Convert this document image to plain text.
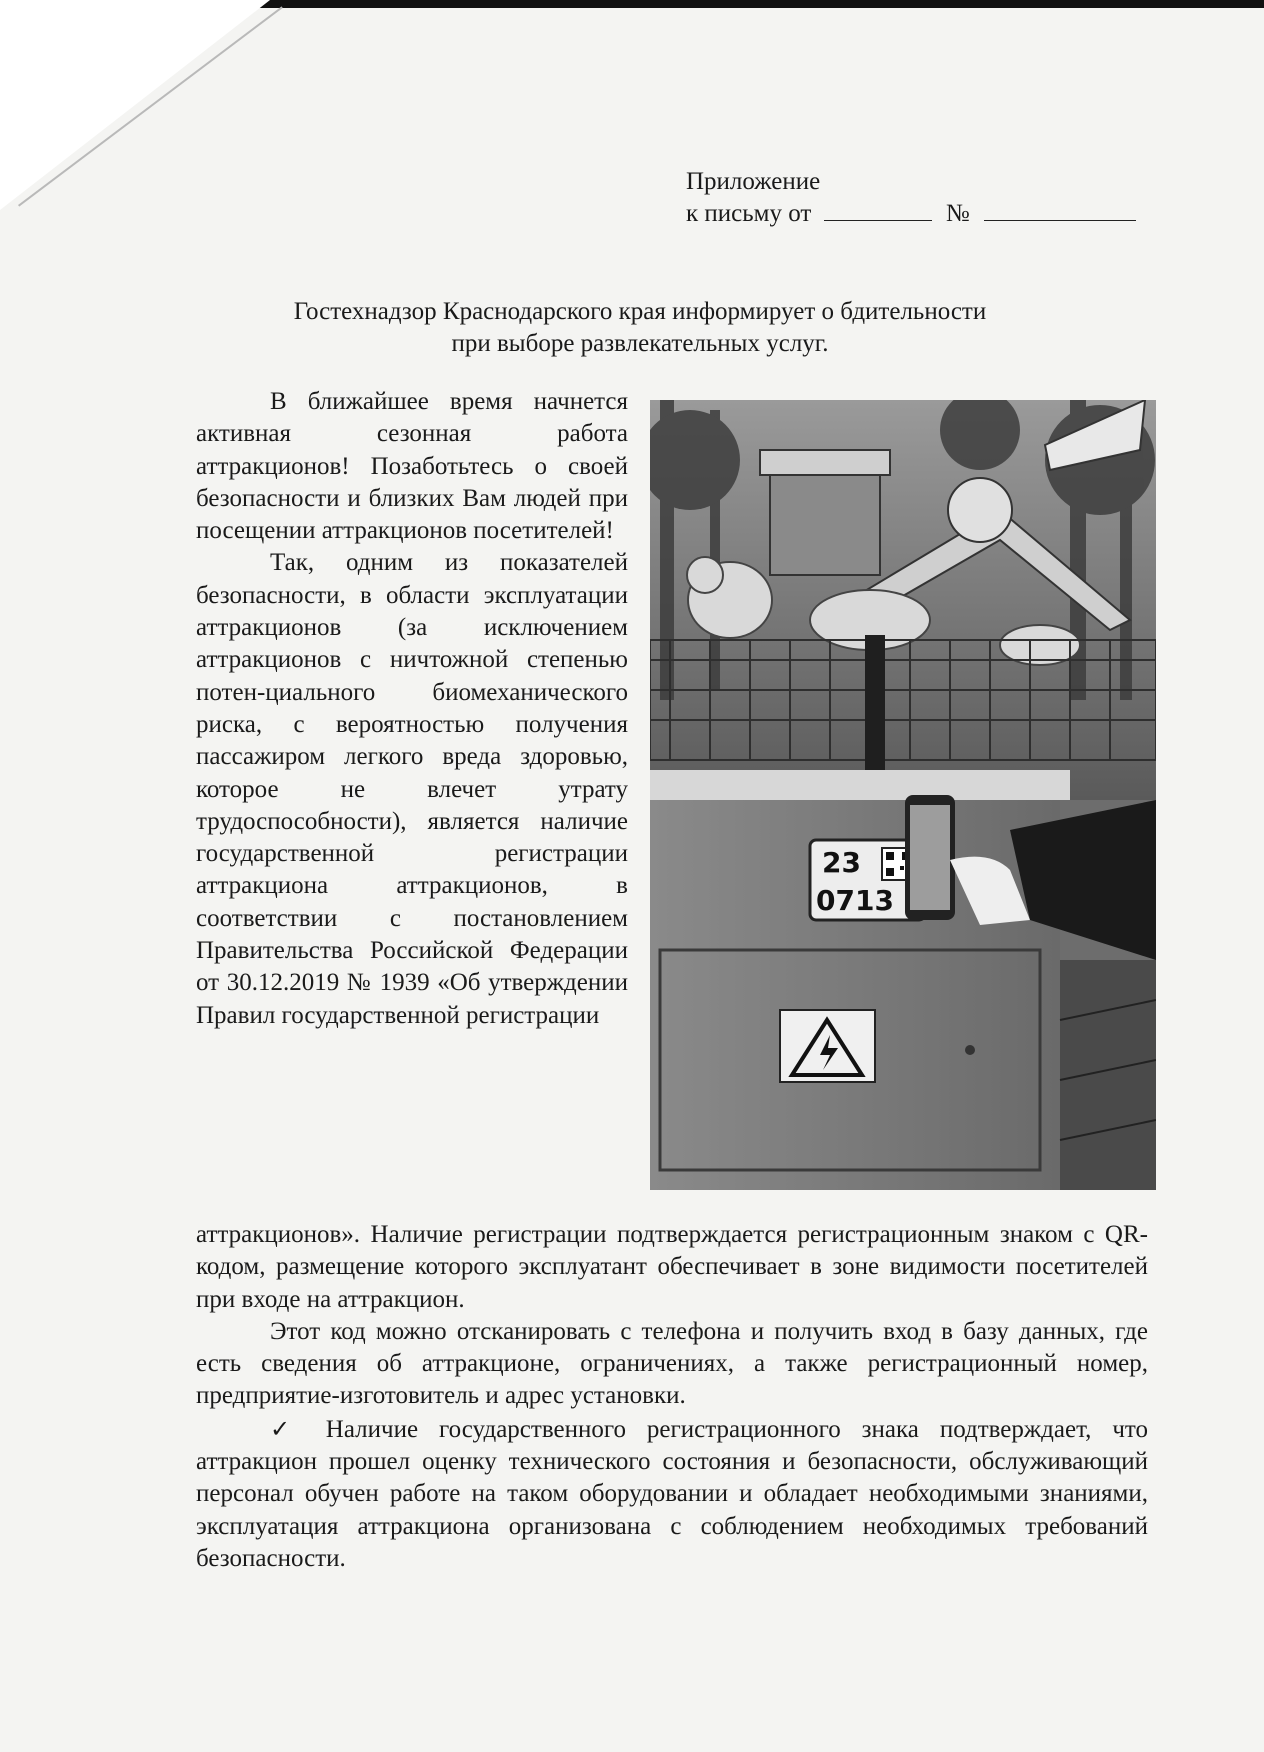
Приложение
к письму от	№
Гостехнадзор Краснодарского края информирует о бдительности
при выборе развлекательных услуг.

В ближайшее время начнется активная сезонная работа аттракционов! Позаботьтесь о своей безопасности и близких Вам людей при посещении аттракционов посетителей!

Так, одним из показателей безопасности, в области эксплуатации аттракционов (за исключением аттракционов с ничтожной степенью потен-циального биомеханического риска, с вероятностью получения пассажиром легкого вреда здоровью, которое не влечет утрату трудоспособности), является наличие государственной регистрации аттракциона аттракционов, в соответствии с постановлением Правительства Российской Федерации от 30.12.2019 № 1939 «Об утверждении Правил государственной регистрации

23
0713

аттракционов». Наличие регистрации подтверждается регистрационным знаком с QR-кодом, размещение которого эксплуатант обеспечивает в зоне видимости посетителей при входе на аттракцион.

Этот код можно отсканировать с телефона и получить вход в базу данных, где есть сведения об аттракционе, ограничениях, а также регистрационный номер, предприятие-изготовитель и адрес установки.

✓ Наличие государственного регистрационного знака подтверждает, что аттракцион прошел оценку технического состояния и безопасности, обслуживающий персонал обучен работе на таком оборудовании и обладает необходимыми знаниями, эксплуатация аттракциона организована с соблюдением необходимых требований безопасности.
